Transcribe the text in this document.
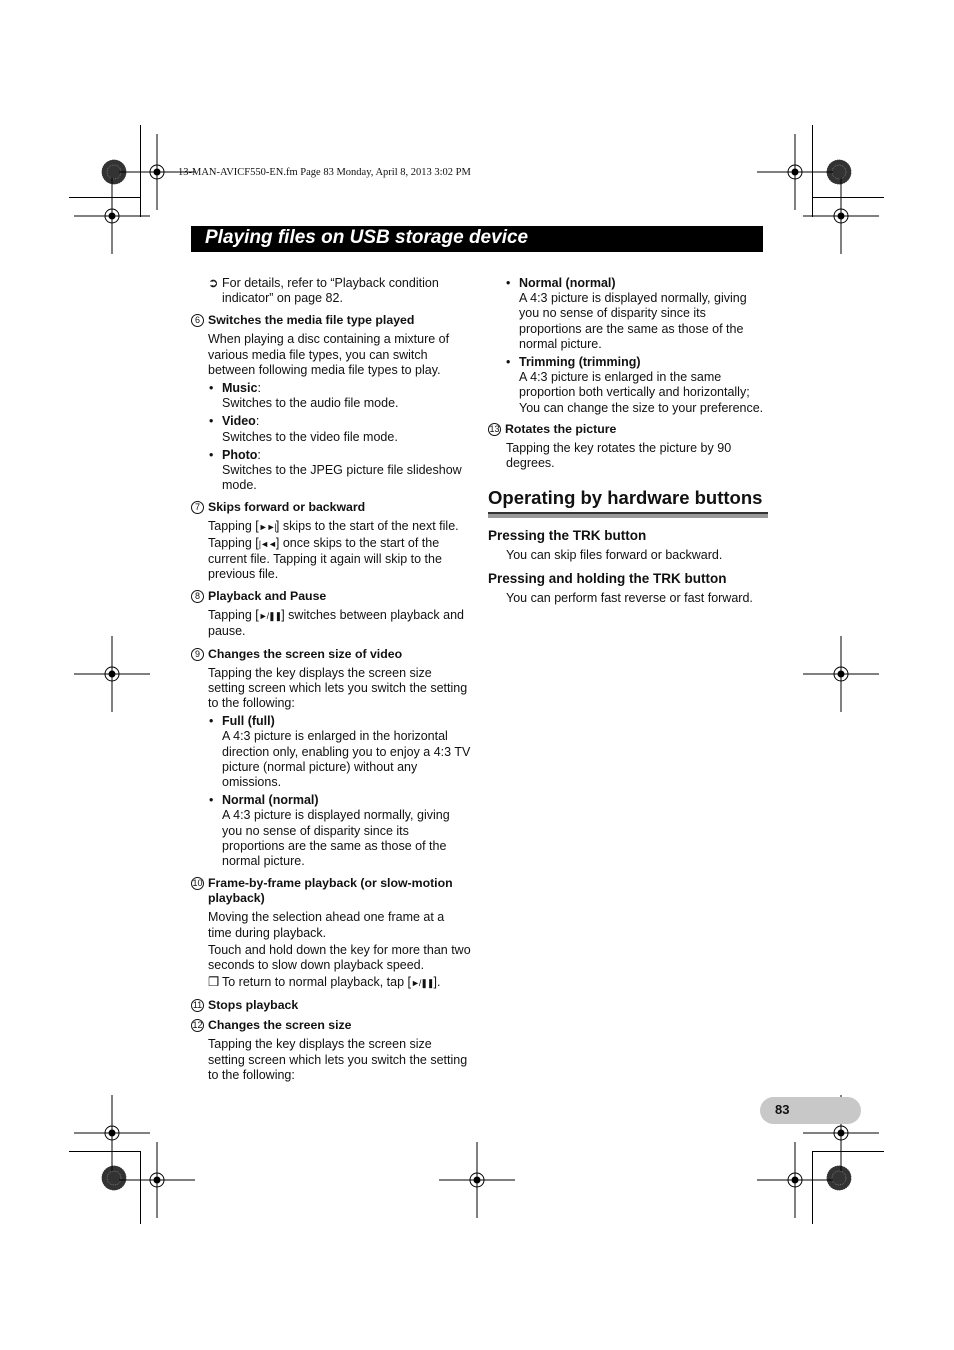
13-MAN-AVICF550-EN.fm Page 83 Monday, April 8, 2013 3:02 PM
Playing files on USB storage device
➲ For details, refer to “Playback condition indicator” on page 82.
6 Switches the media file type played

When playing a disc containing a mixture of various media file types, you can switch between following media file types to play.

• Music:
Switches to the audio file mode.
• Video:
Switches to the video file mode.
• Photo:
Switches to the JPEG picture file slideshow mode.
7 Skips forward or backward

Tapping [►►|] skips to the start of the next file. Tapping [|◄◄] once skips to the start of the current file. Tapping it again will skip to the previous file.

8 Playback and Pause

Tapping [►/❚❚] switches between playback and pause.

9 Changes the screen size of video

Tapping the key displays the screen size setting screen which lets you switch the setting to the following:

• Full (full)
A 4:3 picture is enlarged in the horizontal direction only, enabling you to enjoy a 4:3 TV picture (normal picture) without any omissions.
• Normal (normal)
A 4:3 picture is displayed normally, giving you no sense of disparity since its proportions are the same as those of the normal picture.
10 Frame-by-frame playback (or slow-motion playback)

Moving the selection ahead one frame at a time during playback.

Touch and hold down the key for more than two seconds to slow down playback speed.

❒ To return to normal playback, tap [►/❚❚].
11 Stops playback
12 Changes the screen size

Tapping the key displays the screen size setting screen which lets you switch the setting to the following:

• Normal (normal)
A 4:3 picture is displayed normally, giving you no sense of disparity since its proportions are the same as those of the normal picture.
• Trimming (trimming)
A 4:3 picture is enlarged in the same proportion both vertically and horizontally; You can change the size to your preference.
13 Rotates the picture

Tapping the key rotates the picture by 90 degrees.

Operating by hardware buttons
Pressing the TRK button
You can skip files forward or backward.
Pressing and holding the TRK button
You can perform fast reverse or fast forward.
83
